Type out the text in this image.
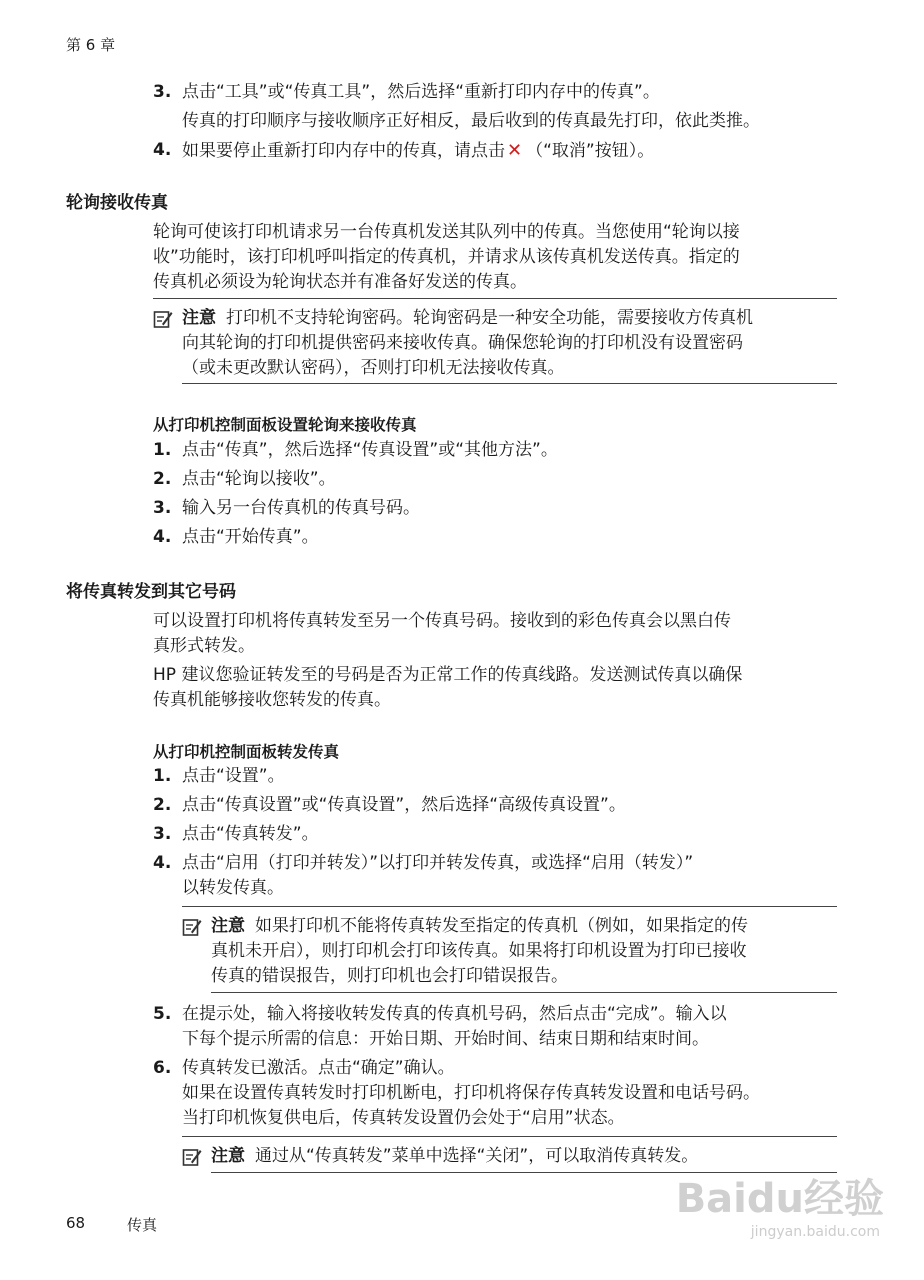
第 6 章
3. 点击“工具”或“传真工具”，然后选择“重新打印内存中的传真”。
传真的打印顺序与接收顺序正好相反，最后收到的传真最先打印，依此类推。
4. 如果要停止重新打印内存中的传真，请点击 ✕ （“取消”按钮）。
轮询接收传真
轮询可使该打印机请求另一台传真机发送其队列中的传真。当您使用“轮询以接
收”功能时，该打印机呼叫指定的传真机，并请求从该传真机发送传真。指定的
传真机必须设为轮询状态并有准备好发送的传真。
注意 打印机不支持轮询密码。轮询密码是一种安全功能，需要接收方传真机
向其轮询的打印机提供密码来接收传真。确保您轮询的打印机没有设置密码
（或未更改默认密码），否则打印机无法接收传真。
从打印机控制面板设置轮询来接收传真
1. 点击“传真”，然后选择“传真设置”或“其他方法”。
2. 点击“轮询以接收”。
3. 输入另一台传真机的传真号码。
4. 点击“开始传真”。
将传真转发到其它号码
可以设置打印机将传真转发至另一个传真号码。接收到的彩色传真会以黑白传
真形式转发。
HP 建议您验证转发至的号码是否为正常工作的传真线路。发送测试传真以确保
传真机能够接收您转发的传真。
从打印机控制面板转发传真
1. 点击“设置”。
2. 点击“传真设置”或“传真设置”，然后选择“高级传真设置”。
3. 点击“传真转发”。
4. 点击“启用（打印并转发）”以打印并转发传真，或选择“启用（转发）”
以转发传真。
注意 如果打印机不能将传真转发至指定的传真机（例如，如果指定的传
真机未开启），则打印机会打印该传真。如果将打印机设置为打印已接收
传真的错误报告，则打印机也会打印错误报告。
5. 在提示处，输入将接收转发传真的传真机号码，然后点击“完成”。输入以
下每个提示所需的信息：开始日期、开始时间、结束日期和结束时间。
6. 传真转发已激活。点击“确定”确认。
如果在设置传真转发时打印机断电，打印机将保存传真转发设置和电话号码。
当打印机恢复供电后，传真转发设置仍会处于“启用”状态。
注意 通过从“传真转发”菜单中选择“关闭”，可以取消传真转发。
68	传真
Baidu经验
jingyan.baidu.com
